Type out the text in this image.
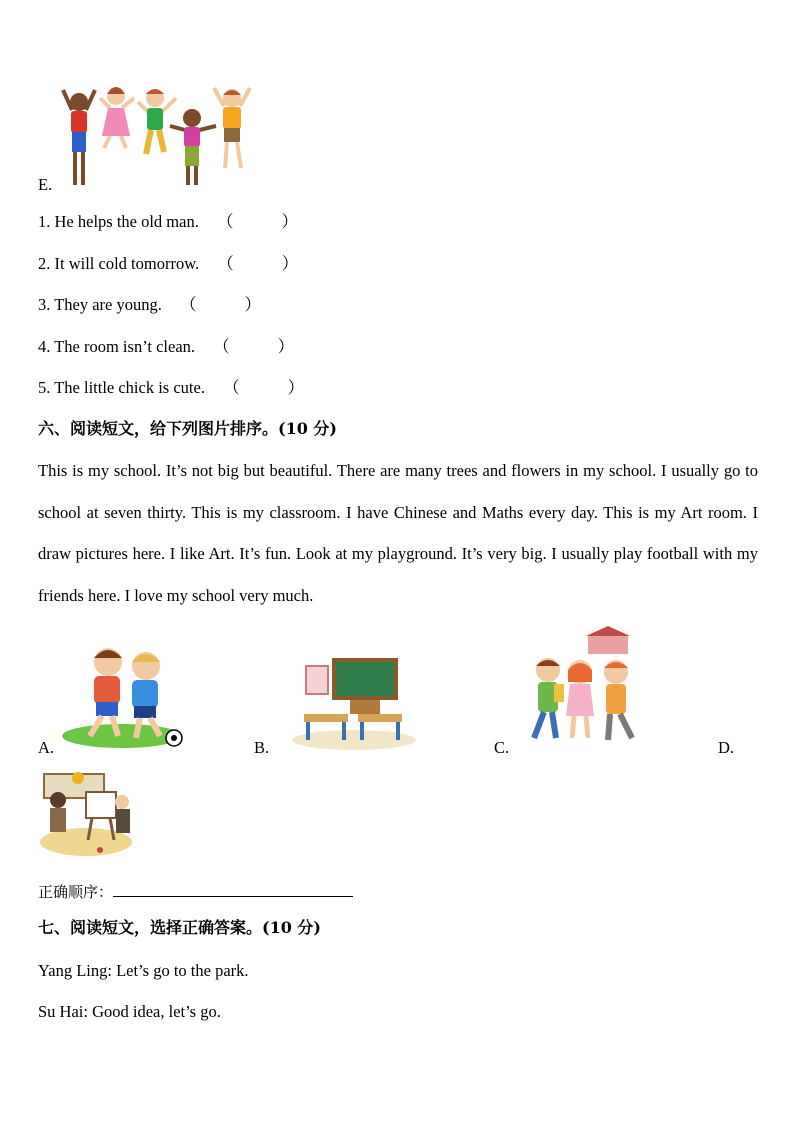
E.
1. He helps the old man. （	）
2. It will cold tomorrow. （	）
3. They are young. （	）
4. The room isn’t clean. （	）
5. The little chick is cute. （	）
六、阅读短文，给下列图片排序。(10 分)
This is my school. It’s not big but beautiful. There are many trees and flowers in my school. I usually go to school at seven thirty. This is my classroom. I have Chinese and Maths every day. This is my Art room. I draw pictures here. I like Art. It’s fun. Look at my playground. It’s very big. I usually play football with my friends here. I love my school very much.
A.	B.	C.	D.
正确顺序：
七、阅读短文，选择正确答案。(10 分)
Yang Ling: Let’s go to the park.
Su Hai: Good idea, let’s go.
